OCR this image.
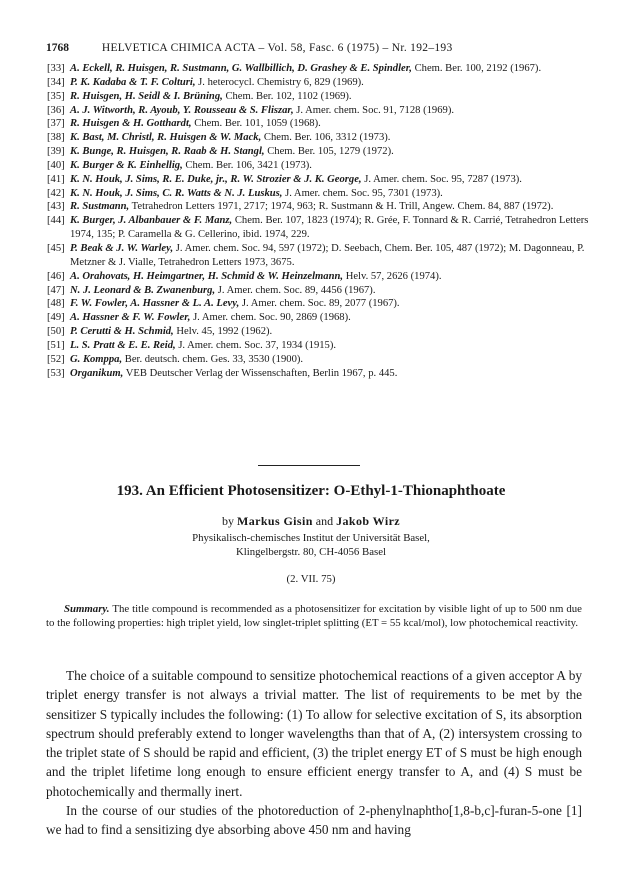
1768	HELVETICA CHIMICA ACTA – Vol. 58, Fasc. 6 (1975) – Nr. 192–193
[33] A. Eckell, R. Huisgen, R. Sustmann, G. Wallbillich, D. Grashey & E. Spindler, Chem. Ber. 100, 2192 (1967).
[34] P. K. Kadaba & T. F. Colturi, J. heterocycl. Chemistry 6, 829 (1969).
[35] R. Huisgen, H. Seidl & I. Brüning, Chem. Ber. 102, 1102 (1969).
[36] A. J. Witworth, R. Ayoub, Y. Rousseau & S. Fliszar, J. Amer. chem. Soc. 91, 7128 (1969).
[37] R. Huisgen & H. Gotthardt, Chem. Ber. 101, 1059 (1968).
[38] K. Bast, M. Christl, R. Huisgen & W. Mack, Chem. Ber. 106, 3312 (1973).
[39] K. Bunge, R. Huisgen, R. Raab & H. Stangl, Chem. Ber. 105, 1279 (1972).
[40] K. Burger & K. Einhellig, Chem. Ber. 106, 3421 (1973).
[41] K. N. Houk, J. Sims, R. E. Duke, jr., R. W. Strozier & J. K. George, J. Amer. chem. Soc. 95, 7287 (1973).
[42] K. N. Houk, J. Sims, C. R. Watts & N. J. Luskus, J. Amer. chem. Soc. 95, 7301 (1973).
[43] R. Sustmann, Tetrahedron Letters 1971, 2717; 1974, 963; R. Sustmann & H. Trill, Angew. Chem. 84, 887 (1972).
[44] K. Burger, J. Albanbauer & F. Manz, Chem. Ber. 107, 1823 (1974); R. Grée, F. Tonnard & R. Carrié, Tetrahedron Letters 1974, 135; P. Caramella & G. Cellerino, ibid. 1974, 229.
[45] P. Beak & J. W. Warley, J. Amer. chem. Soc. 94, 597 (1972); D. Seebach, Chem. Ber. 105, 487 (1972); M. Dagonneau, P. Metzner & J. Vialle, Tetrahedron Letters 1973, 3675.
[46] A. Orahovats, H. Heimgartner, H. Schmid & W. Heinzelmann, Helv. 57, 2626 (1974).
[47] N. J. Leonard & B. Zwanenburg, J. Amer. chem. Soc. 89, 4456 (1967).
[48] F. W. Fowler, A. Hassner & L. A. Levy, J. Amer. chem. Soc. 89, 2077 (1967).
[49] A. Hassner & F. W. Fowler, J. Amer. chem. Soc. 90, 2869 (1968).
[50] P. Cerutti & H. Schmid, Helv. 45, 1992 (1962).
[51] L. S. Pratt & E. E. Reid, J. Amer. chem. Soc. 37, 1934 (1915).
[52] G. Komppa, Ber. deutsch. chem. Ges. 33, 3530 (1900).
[53] Organikum, VEB Deutscher Verlag der Wissenschaften, Berlin 1967, p. 445.
193. An Efficient Photosensitizer: O-Ethyl-1-Thionaphthoate
by Markus Gisin and Jakob Wirz
Physikalisch-chemisches Institut der Universität Basel,
Klingelbergstr. 80, CH-4056 Basel
(2. VII. 75)
Summary. The title compound is recommended as a photosensitizer for excitation by visible light of up to 500 nm due to the following properties: high triplet yield, low singlet-triplet splitting (ET = 55 kcal/mol), low photochemical reactivity.

The choice of a suitable compound to sensitize photochemical reactions of a given acceptor A by triplet energy transfer is not always a trivial matter. The list of requirements to be met by the sensitizer S typically includes the following: (1) To allow for selective excitation of S, its absorption spectrum should preferably extend to longer wavelengths than that of A, (2) intersystem crossing to the triplet state of S should be rapid and efficient, (3) the triplet energy ET of S must be high enough and the triplet lifetime long enough to ensure efficient energy transfer to A, and (4) S must be photochemically and thermally inert.

In the course of our studies of the photoreduction of 2-phenylnaphtho[1,8-b,c]-furan-5-one [1] we had to find a sensitizing dye absorbing above 450 nm and having
